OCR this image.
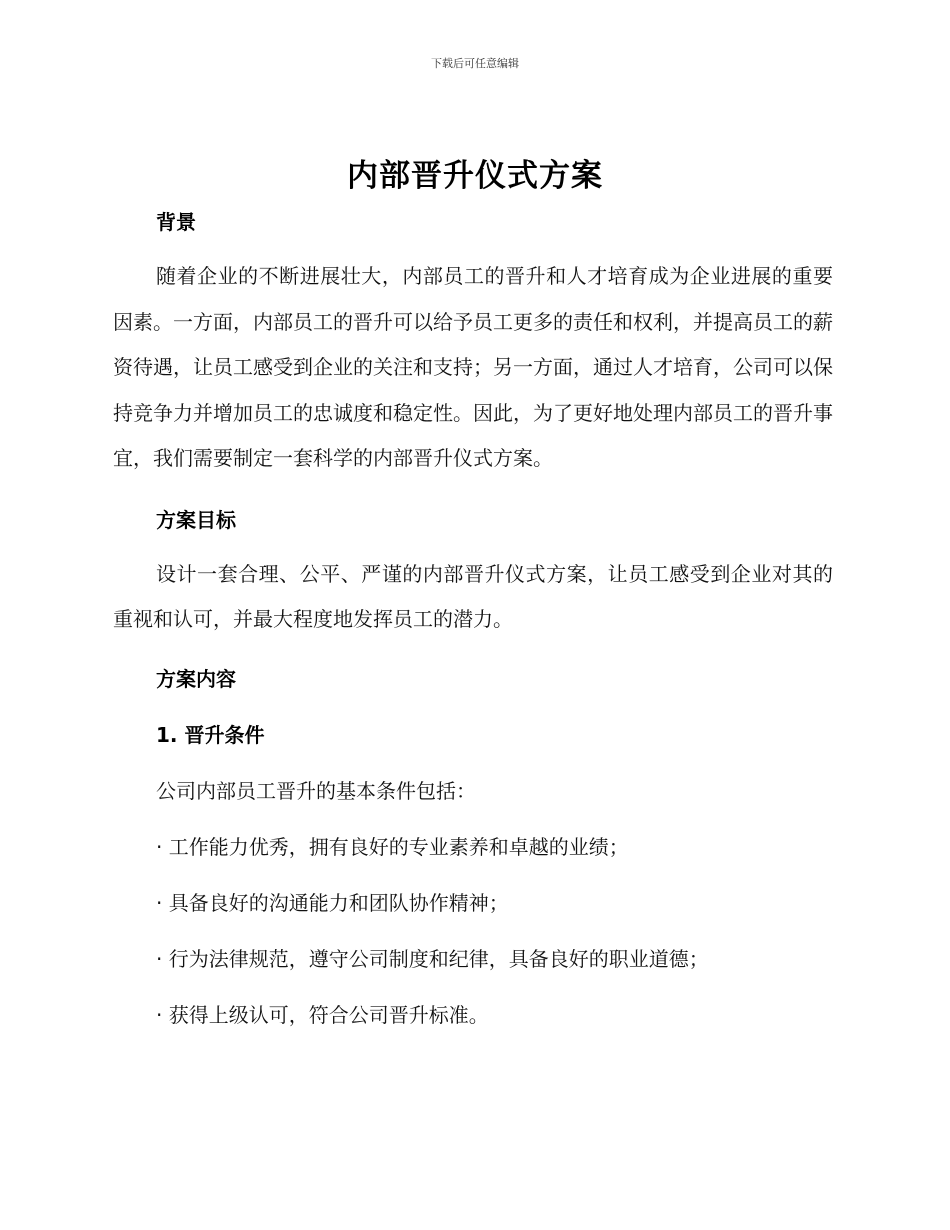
下载后可任意编辑
内部晋升仪式方案

背景

随着企业的不断进展壮大，内部员工的晋升和人才培育成为企业进展的重要因素。一方面，内部员工的晋升可以给予员工更多的责任和权利，并提高员工的薪资待遇，让员工感受到企业的关注和支持；另一方面，通过人才培育，公司可以保持竞争力并增加员工的忠诚度和稳定性。因此，为了更好地处理内部员工的晋升事宜，我们需要制定一套科学的内部晋升仪式方案。

方案目标

设计一套合理、公平、严谨的内部晋升仪式方案，让员工感受到企业对其的重视和认可，并最大程度地发挥员工的潜力。

方案内容

1. 晋升条件

公司内部员工晋升的基本条件包括：

· 工作能力优秀，拥有良好的专业素养和卓越的业绩；

· 具备良好的沟通能力和团队协作精神；

· 行为法律规范，遵守公司制度和纪律，具备良好的职业道德；

· 获得上级认可，符合公司晋升标准。
